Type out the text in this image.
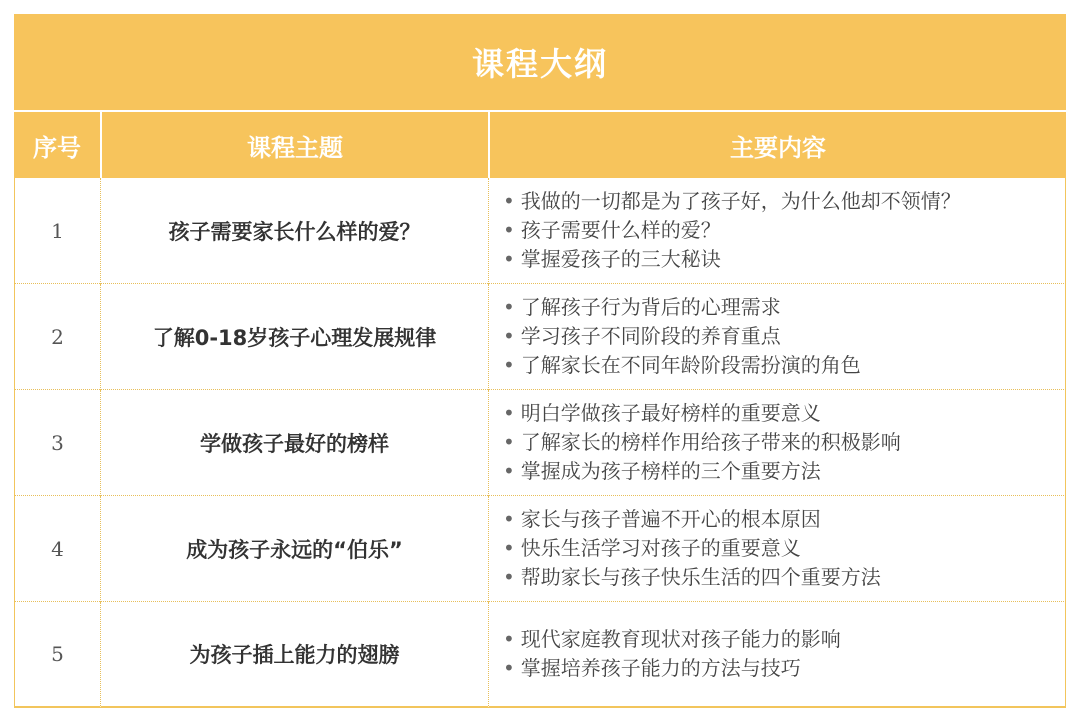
课程大纲
序号	课程主题	主要内容
1	孩子需要家长什么样的爱？
• 我做的一切都是为了孩子好，为什么他却不领情？
• 孩子需要什么样的爱？
• 掌握爱孩子的三大秘诀
2	了解0-18岁孩子心理发展规律
• 了解孩子行为背后的心理需求
• 学习孩子不同阶段的养育重点
• 了解家长在不同年龄阶段需扮演的角色
3	学做孩子最好的榜样
• 明白学做孩子最好榜样的重要意义
• 了解家长的榜样作用给孩子带来的积极影响
• 掌握成为孩子榜样的三个重要方法
4	成为孩子永远的“伯乐”
• 家长与孩子普遍不开心的根本原因
• 快乐生活学习对孩子的重要意义
• 帮助家长与孩子快乐生活的四个重要方法
5	为孩子插上能力的翅膀
• 现代家庭教育现状对孩子能力的影响
• 掌握培养孩子能力的方法与技巧
